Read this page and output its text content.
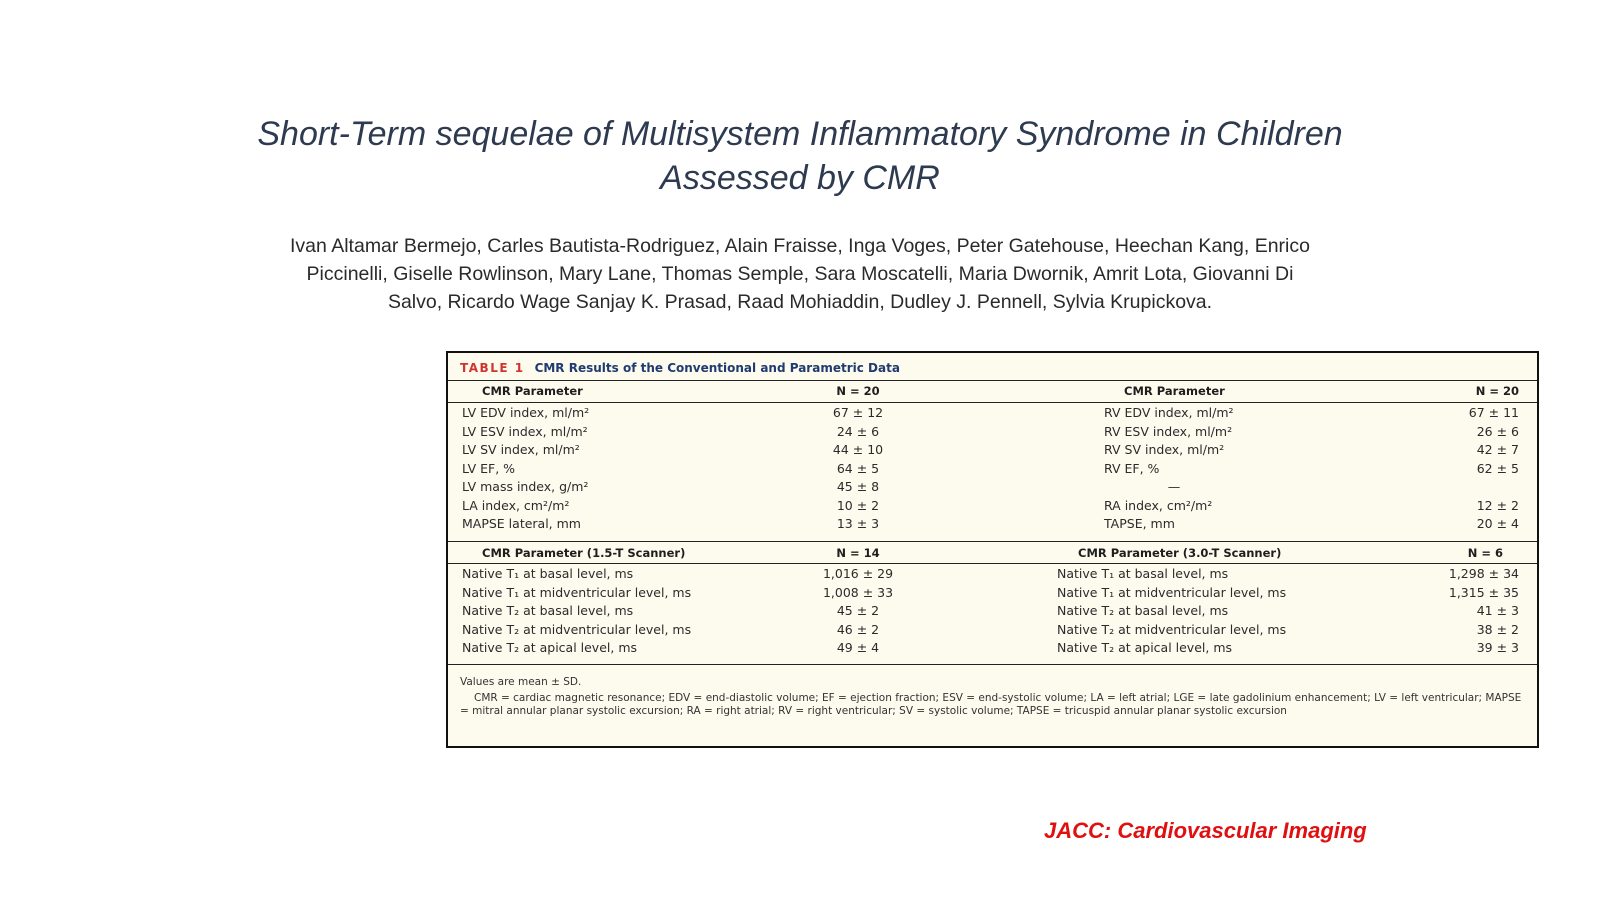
Short-Term sequelae of Multisystem Inflammatory Syndrome in Children
Assessed by CMR
Ivan Altamar Bermejo, Carles Bautista-Rodriguez, Alain Fraisse, Inga Voges, Peter Gatehouse, Heechan Kang, Enrico
Piccinelli, Giselle Rowlinson, Mary Lane, Thomas Semple, Sara Moscatelli, Maria Dwornik, Amrit Lota, Giovanni Di
Salvo, Ricardo Wage Sanjay K. Prasad, Raad Mohiaddin, Dudley J. Pennell, Sylvia Krupickova.
TABLE 1 CMR Results of the Conventional and Parametric Data
Values are mean ± SD.
CMR = cardiac magnetic resonance; EDV = end-diastolic volume; EF = ejection fraction; ESV = end-systolic volume; LA = left atrial; LGE = late gadolinium enhancement; LV = left ventricular; MAPSE = mitral annular planar systolic excursion; RA = right atrial; RV = right ventricular; SV = systolic volume; TAPSE = tricuspid annular planar systolic excursion
CMR Parameter	N = 20	CMR Parameter	N = 20
LV EDV index, ml/m²	67 ± 12	RV EDV index, ml/m²	67 ± 11
LV ESV index, ml/m²	24 ± 6	RV ESV index, ml/m²	26 ± 6
LV SV index, ml/m²	44 ± 10	RV SV index, ml/m²	42 ± 7
LV EF, %	64 ± 5	RV EF, %	62 ± 5
LV mass index, g/m²	45 ± 8	—
LA index, cm²/m²	10 ± 2	RA index, cm²/m²	12 ± 2
MAPSE lateral, mm	13 ± 3	TAPSE, mm	20 ± 4
CMR Parameter (1.5-T Scanner)	N = 14	CMR Parameter (3.0-T Scanner)	N = 6
Native T₁ at basal level, ms	1,016 ± 29	Native T₁ at basal level, ms	1,298 ± 34
Native T₁ at midventricular level, ms	1,008 ± 33	Native T₁ at midventricular level, ms	1,315 ± 35
Native T₂ at basal level, ms	45 ± 2	Native T₂ at basal level, ms	41 ± 3
Native T₂ at midventricular level, ms	46 ± 2	Native T₂ at midventricular level, ms	38 ± 2
Native T₂ at apical level, ms	49 ± 4	Native T₂ at apical level, ms	39 ± 3
JACC: Cardiovascular Imaging
